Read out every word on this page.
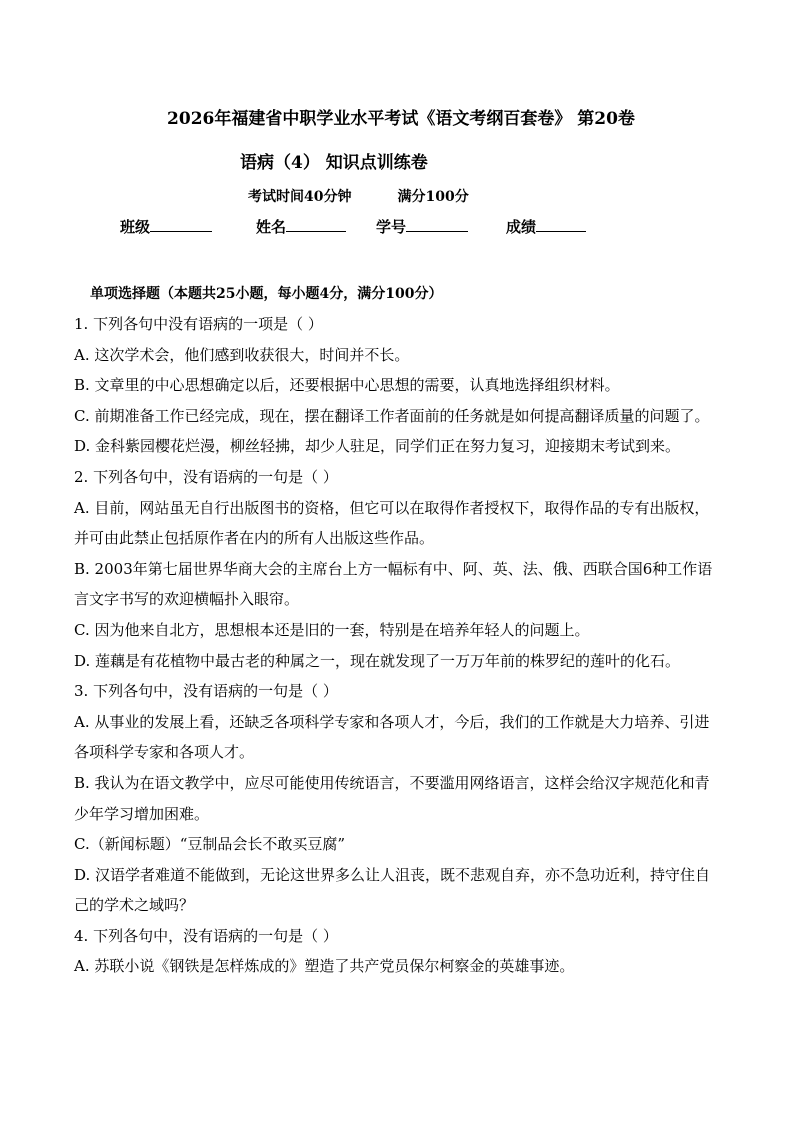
2026年福建省中职学业水平考试《语文考纲百套卷》 第20卷
语病（4） 知识点训练卷
考试时间40分钟	满分100分
班级	姓名	学号	成绩
单项选择题（本题共25小题，每小题4分，满分100分）

1. 下列各句中没有语病的一项是（ ）

A. 这次学术会，他们感到收获很大，时间并不长。

B. 文章里的中心思想确定以后，还要根据中心思想的需要，认真地选择组织材料。

C. 前期准备工作已经完成，现在，摆在翻译工作者面前的任务就是如何提高翻译质量的问题了。

D. 金科紫园樱花烂漫，柳丝轻拂，却少人驻足，同学们正在努力复习，迎接期末考试到来。

2. 下列各句中，没有语病的一句是（ ）

A. 目前，网站虽无自行出版图书的资格，但它可以在取得作者授权下，取得作品的专有出版权，并可由此禁止包括原作者在内的所有人出版这些作品。

B. 2003年第七届世界华商大会的主席台上方一幅标有中、阿、英、法、俄、西联合国6种工作语言文字书写的欢迎横幅扑入眼帘。

C. 因为他来自北方，思想根本还是旧的一套，特别是在培养年轻人的问题上。

D. 莲藕是有花植物中最古老的种属之一，现在就发现了一万万年前的株罗纪的莲叶的化石。

3. 下列各句中，没有语病的一句是（ ）

A. 从事业的发展上看，还缺乏各项科学专家和各项人才，今后，我们的工作就是大力培养、引进各项科学专家和各项人才。

B. 我认为在语文教学中，应尽可能使用传统语言，不要滥用网络语言，这样会给汉字规范化和青少年学习增加困难。

C.（新闻标题）“豆制品会长不敢买豆腐”

D. 汉语学者难道不能做到，无论这世界多么让人沮丧，既不悲观自弃，亦不急功近利，持守住自己的学术之域吗？

4. 下列各句中，没有语病的一句是（ ）

A. 苏联小说《钢铁是怎样炼成的》塑造了共产党员保尔柯察金的英雄事迹。
